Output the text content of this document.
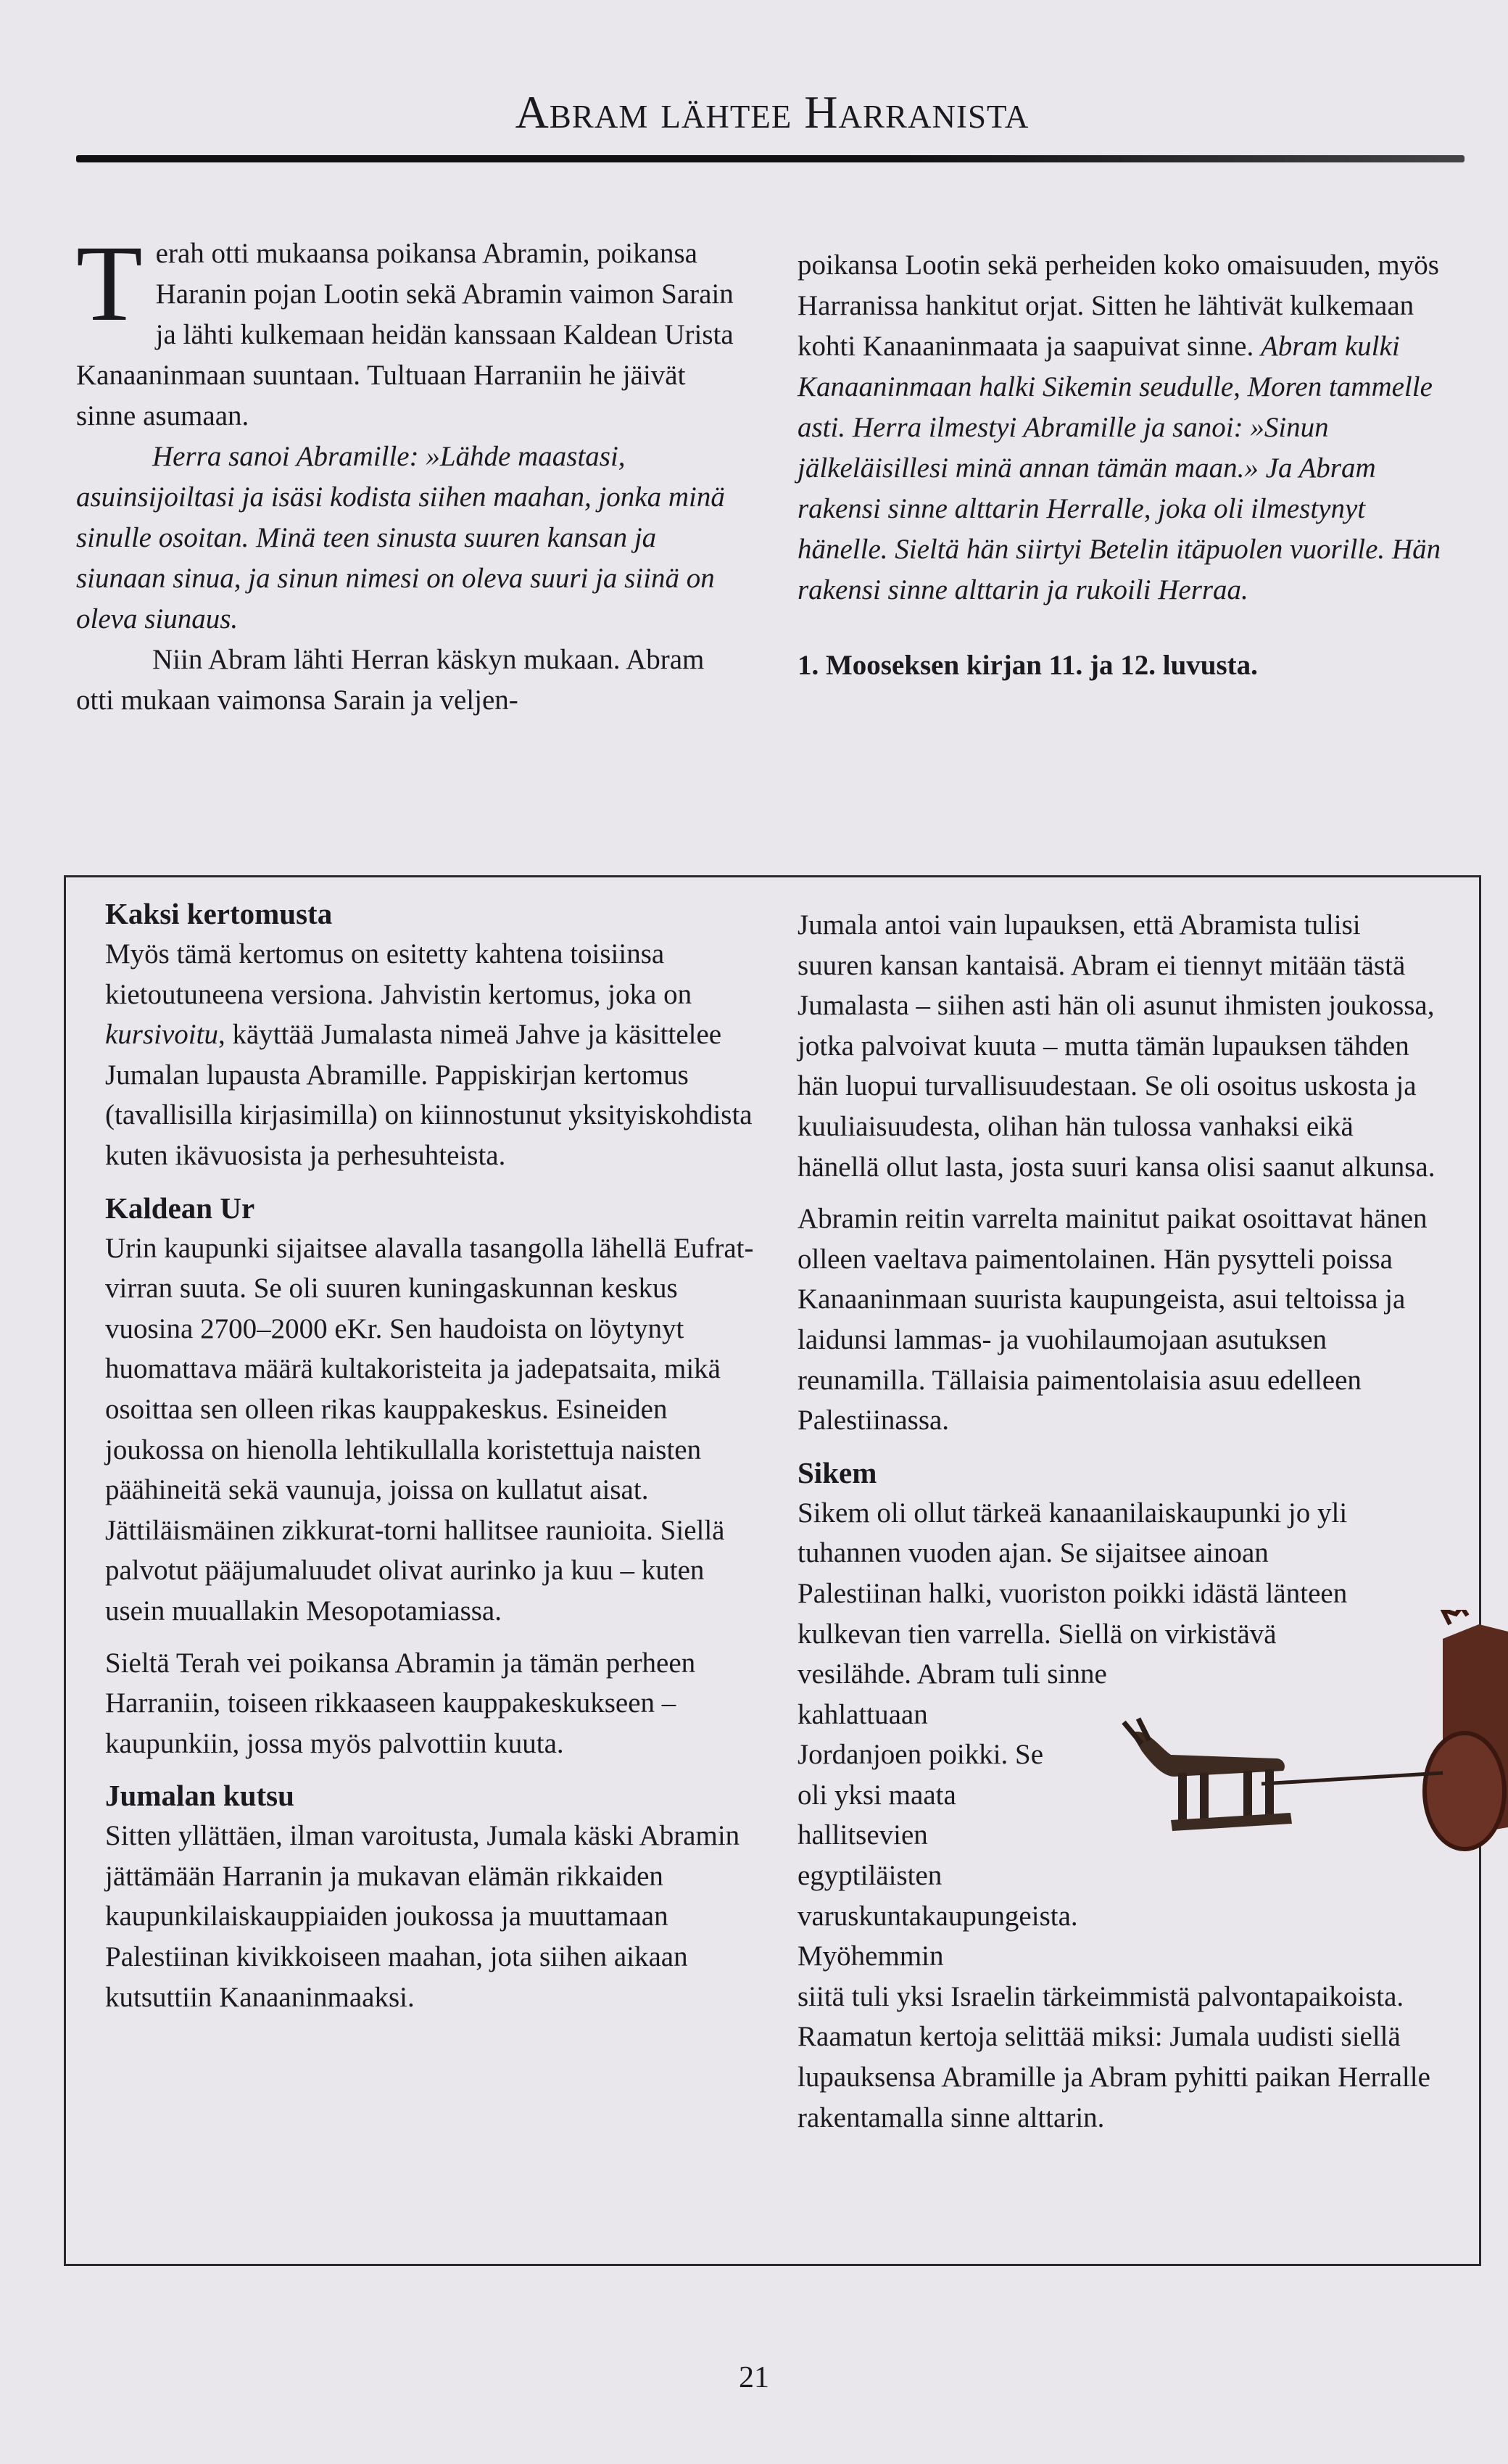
Abram lähtee Harranista

Terah otti mukaansa poikansa Abramin, poikansa Haranin pojan Lootin sekä Abramin vaimon Sarain ja lähti kulkemaan heidän kanssaan Kaldean Urista Kanaaninmaan suuntaan. Tultuaan Harraniin he jäivät sinne asumaan.

Herra sanoi Abramille: »Lähde maastasi, asuinsijoiltasi ja isäsi kodista siihen maahan, jonka minä sinulle osoitan. Minä teen sinusta suuren kansan ja siunaan sinua, ja sinun nimesi on oleva suuri ja siinä on oleva siunaus.

Niin Abram lähti Herran käskyn mukaan. Abram otti mukaan vaimonsa Sarain ja veljen-

poikansa Lootin sekä perheiden koko omaisuuden, myös Harranissa hankitut orjat. Sitten he lähtivät kulkemaan kohti Kanaaninmaata ja saapuivat sinne. Abram kulki Kanaaninmaan halki Sikemin seudulle, Moren tammelle asti. Herra ilmestyi Abramille ja sanoi: »Sinun jälkeläisillesi minä annan tämän maan.» Ja Abram rakensi sinne alttarin Herralle, joka oli ilmestynyt hänelle. Sieltä hän siirtyi Betelin itäpuolen vuorille. Hän rakensi sinne alttarin ja rukoili Herraa.

1. Mooseksen kirjan 11. ja 12. luvusta.

Kaksi kertomusta

Myös tämä kertomus on esitetty kahtena toisiinsa kietoutuneena versiona. Jahvistin kertomus, joka on kursivoitu, käyttää Jumalasta nimeä Jahve ja käsittelee Jumalan lupausta Abramille. Pappiskirjan kertomus (tavallisilla kirjasimilla) on kiinnostunut yksityiskohdista kuten ikävuosista ja perhesuhteista.

Kaldean Ur

Urin kaupunki sijaitsee alavalla tasangolla lähellä Eufrat-virran suuta. Se oli suuren kuningaskunnan keskus vuosina 2700–2000 eKr. Sen haudoista on löytynyt huomattava määrä kultakoristeita ja jadepatsaita, mikä osoittaa sen olleen rikas kauppakeskus. Esineiden joukossa on hienolla lehtikullalla koristettuja naisten päähineitä sekä vaunuja, joissa on kullatut aisat. Jättiläismäinen zikkurat-torni hallitsee raunioita. Siellä palvotut pääjumaluudet olivat aurinko ja kuu – kuten usein muuallakin Mesopotamiassa.

Sieltä Terah vei poikansa Abramin ja tämän perheen Harraniin, toiseen rikkaaseen kauppakeskukseen – kaupunkiin, jossa myös palvottiin kuuta.

Jumalan kutsu

Sitten yllättäen, ilman varoitusta, Jumala käski Abramin jättämään Harranin ja mukavan elämän rikkaiden kaupunkilaiskauppiaiden joukossa ja muuttamaan Palestiinan kivikkoiseen maahan, jota siihen aikaan kutsuttiin Kanaaninmaaksi.

Jumala antoi vain lupauksen, että Abramista tulisi suuren kansan kantaisä. Abram ei tiennyt mitään tästä Jumalasta – siihen asti hän oli asunut ihmisten joukossa, jotka palvoivat kuuta – mutta tämän lupauksen tähden hän luopui turvallisuudestaan. Se oli osoitus uskosta ja kuuliaisuudesta, olihan hän tulossa vanhaksi eikä hänellä ollut lasta, josta suuri kansa olisi saanut alkunsa.

Abramin reitin varrelta mainitut paikat osoittavat hänen olleen vaeltava paimentolainen. Hän pysytteli poissa Kanaaninmaan suurista kaupungeista, asui teltoissa ja laidunsi lammas- ja vuohilaumojaan asutuksen reunamilla. Tällaisia paimentolaisia asuu edelleen Palestiinassa.

Sikem

Sikem oli ollut tärkeä kanaanilaiskaupunki jo yli tuhannen vuoden ajan. Se sijaitsee ainoan Palestiinan halki, vuoriston poikki idästä länteen kulkevan tien varrella. Siellä on virkistävä vesilähde. Abram tuli sinne

kahlattuaan Jordanjoen poikki. Se oli yksi maata hallitsevien egyptiläisten varuskuntakaupungeista. Myöhemmin

siitä tuli yksi Israelin tärkeimmistä palvontapaikoista. Raamatun kertoja selittää miksi: Jumala uudisti siellä lupauksensa Abramille ja Abram pyhitti paikan Herralle rakentamalla sinne alttarin.

21
